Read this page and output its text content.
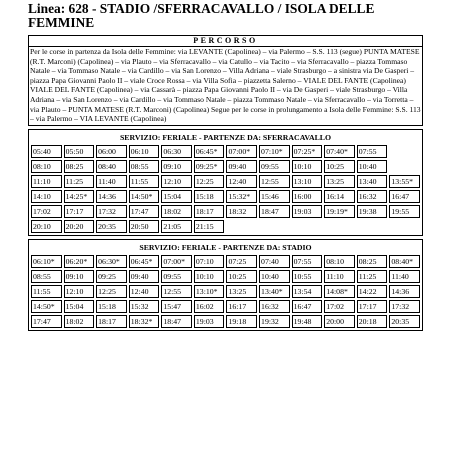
Linea: 628 - STADIO /SFERRACAVALLO / ISOLA DELLE FEMMINE
PERCORSO
Per le corse in partenza da Isola delle Femmine: via LEVANTE (Capolinea) – via Palermo – S.S. 113 (segue) PUNTA MATESE (R.T. Marconi) (Capolinea) – via Plauto – via Sferracavallo – via Catullo – via Tacito – via Sferracavallo – piazza Tommaso Natale – via Tommaso Natale – via Cardillo – via San Lorenzo – Villa Adriana – viale Strasburgo – a sinistra via De Gasperi – piazza Papa Giovanni Paolo II – viale Croce Rossa – via Villa Sofia – piazzetta Salerno – VIALE DEL FANTE (Capolinea) VIALE DEL FANTE (Capolinea) – via Cassarà – piazza Papa Giovanni Paolo II – via De Gasperi – viale Strasburgo – Villa Adriana – via San Lorenzo – via Cardillo – via Tommaso Natale – piazza Tommaso Natale – via Sferracavallo – via Torretta – via Plauto – PUNTA MATESE (R.T. Marconi) (Capolinea) Segue per le corse in prolungamento a Isola delle Femmine: S.S. 113 – via Palermo – VIA LEVANTE (Capolinea)
SERVIZIO: FERIALE - PARTENZE DA: SFERRACAVALLO											
05:40	05:50	06:00	06:10	06:30	06:45*	07:00*	07:10*	07:25*	07:40*	07:55	
08:10	08:25	08:40	08:55	09:10	09:25*	09:40	09:55	10:10	10:25	10:40	
11:10	11:25	11:40	11:55	12:10	12:25	12:40	12:55	13:10	13:25	13:40	13:55*
14:10	14:25*	14:36	14:50*	15:04	15:18	15:32*	15:46	16:00	16:14	16:32	16:47
17:02	17:17	17:32	17:47	18:02	18:17	18:32	18:47	19:03	19:19*	19:38	19:55
20:10	20:20	20:35	20:50	21:05	21:15						
SERVIZIO: FERIALE - PARTENZE DA: STADIO											
06:10*	06:20*	06:30*	06:45*	07:00*	07:10	07:25	07:40	07:55	08:10	08:25	08:40*
08:55	09:10	09:25	09:40	09:55	10:10	10:25	10:40	10:55	11:10	11:25	11:40
11:55	12:10	12:25	12:40	12:55	13:10*	13:25	13:40*	13:54	14:08*	14:22	14:36
14:50*	15:04	15:18	15:32	15:47	16:02	16:17	16:32	16:47	17:02	17:17	17:32
17:47	18:02	18:17	18:32*	18:47	19:03	19:18	19:32	19:48	20:00	20:18	20:35
